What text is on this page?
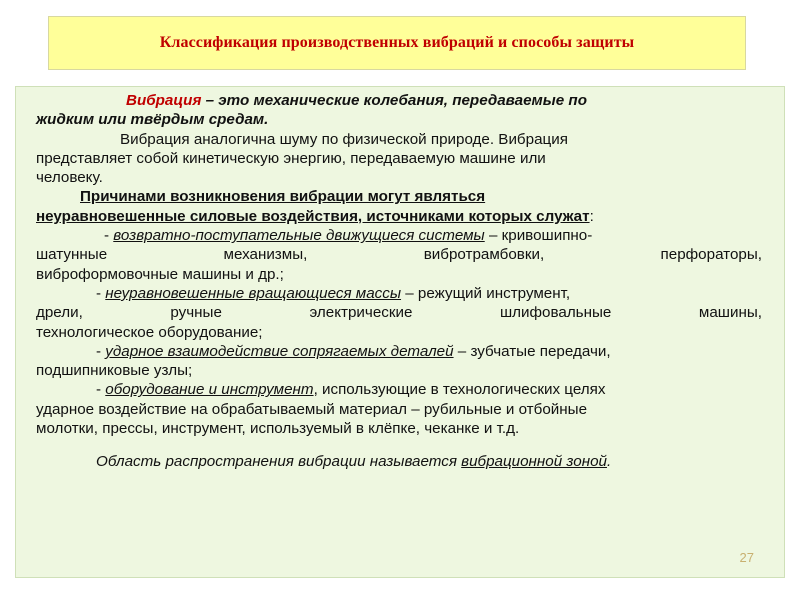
Классификация производственных вибраций и способы защиты

Вибрация – это механические колебания, передаваемые по

жидким или твёрдым средам.

Вибрация аналогична шуму по физической природе. Вибрация

представляет собой кинетическую энергию, передаваемую машине или

человеку.

Причинами возникновения вибрации могут являться

неуравновешенные силовые воздействия, источниками которых служат:

- возвратно-поступательные движущиеся системы – кривошипно-

шатунные механизмы, вибротрамбовки, перфораторы,

виброформовочные машины и др.;

- неуравновешенные вращающиеся массы – режущий инструмент,

дрели, ручные электрические шлифовальные машины,

технологическое оборудование;

- ударное взаимодействие сопрягаемых деталей – зубчатые передачи,

подшипниковые узлы;

- оборудование и инструмент, использующие в технологических целях

ударное воздействие на обрабатываемый материал – рубильные и отбойные

молотки, прессы, инструмент, используемый в клёпке, чеканке и т.д.

Область распространения вибрации называется вибрационной зоной.

27
